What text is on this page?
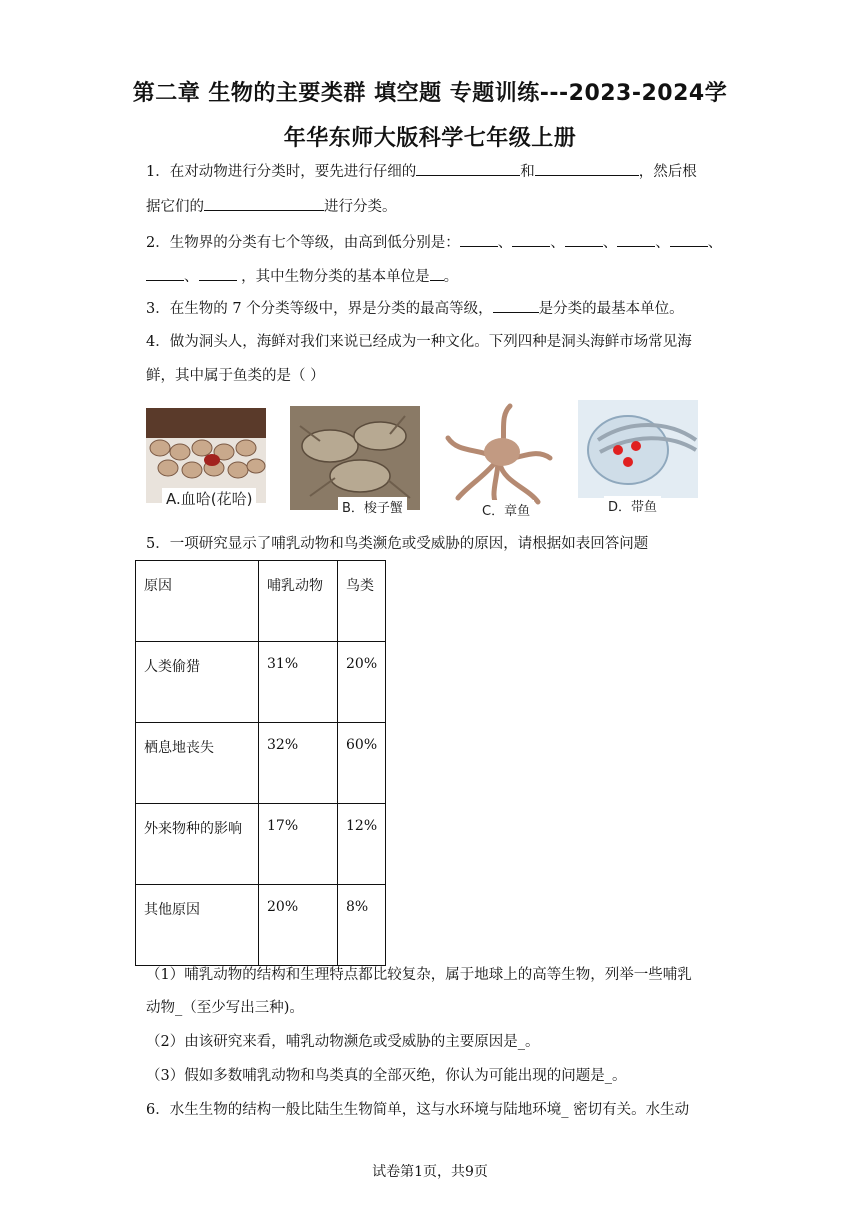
第二章 生物的主要类群 填空题 专题训练---2023-2024学
年华东师大版科学七年级上册
1．在对动物进行分类时，要先进行仔细的	和	，然后根
据它们的	进行分类。
2．生物界的分类有七个等级，由高到低分别是：	、	、	、	、	、
、	，其中生物分类的基本单位是 。
3．在生物的 7 个分类等级中，界是分类的最高等级，	是分类的最基本单位。
4．做为洞头人，海鲜对我们来说已经成为一种文化。下列四种是洞头海鲜市场常见海
鲜，其中属于鱼类的是（ ）
A.血哈(花哈)
B．梭子蟹	C．章鱼	D．带鱼
5．一项研究显示了哺乳动物和鸟类濒危或受威胁的原因，请根据如表回答问题
原因	哺乳动物	鸟类
人类偷猎	31%	20%
栖息地丧失	32%	60%
外来物种的影响	17%	12%
其他原因	20%	8%
（1）哺乳动物的结构和生理特点都比较复杂，属于地球上的高等生物，列举一些哺乳
动物_（至少写出三种)。
（2）由该研究来看，哺乳动物濒危或受威胁的主要原因是_。
（3）假如多数哺乳动物和鸟类真的全部灭绝，你认为可能出现的问题是_。
6．水生生物的结构一般比陆生生物简单，这与水环境与陆地环境_ 密切有关。水生动
试卷第1页，共9页
